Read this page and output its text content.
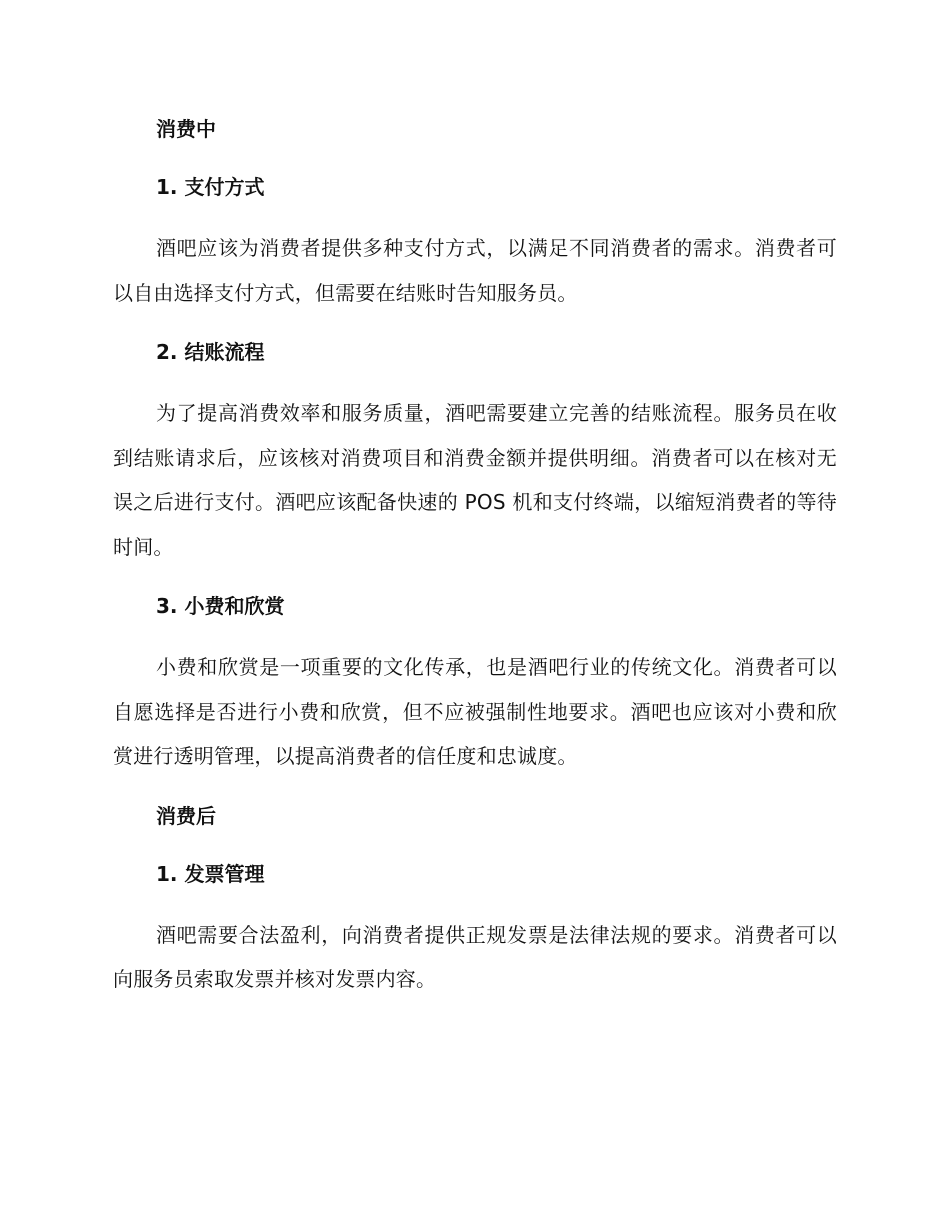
消费中
1. 支付方式

酒吧应该为消费者提供多种支付方式，以满足不同消费者的需求。消费者可以自由选择支付方式，但需要在结账时告知服务员。

2. 结账流程

为了提高消费效率和服务质量，酒吧需要建立完善的结账流程。服务员在收到结账请求后，应该核对消费项目和消费金额并提供明细。消费者可以在核对无误之后进行支付。酒吧应该配备快速的 POS 机和支付终端，以缩短消费者的等待时间。

3. 小费和欣赏

小费和欣赏是一项重要的文化传承，也是酒吧行业的传统文化。消费者可以自愿选择是否进行小费和欣赏，但不应被强制性地要求。酒吧也应该对小费和欣赏进行透明管理，以提高消费者的信任度和忠诚度。

消费后
1. 发票管理

酒吧需要合法盈利，向消费者提供正规发票是法律法规的要求。消费者可以向服务员索取发票并核对发票内容。
